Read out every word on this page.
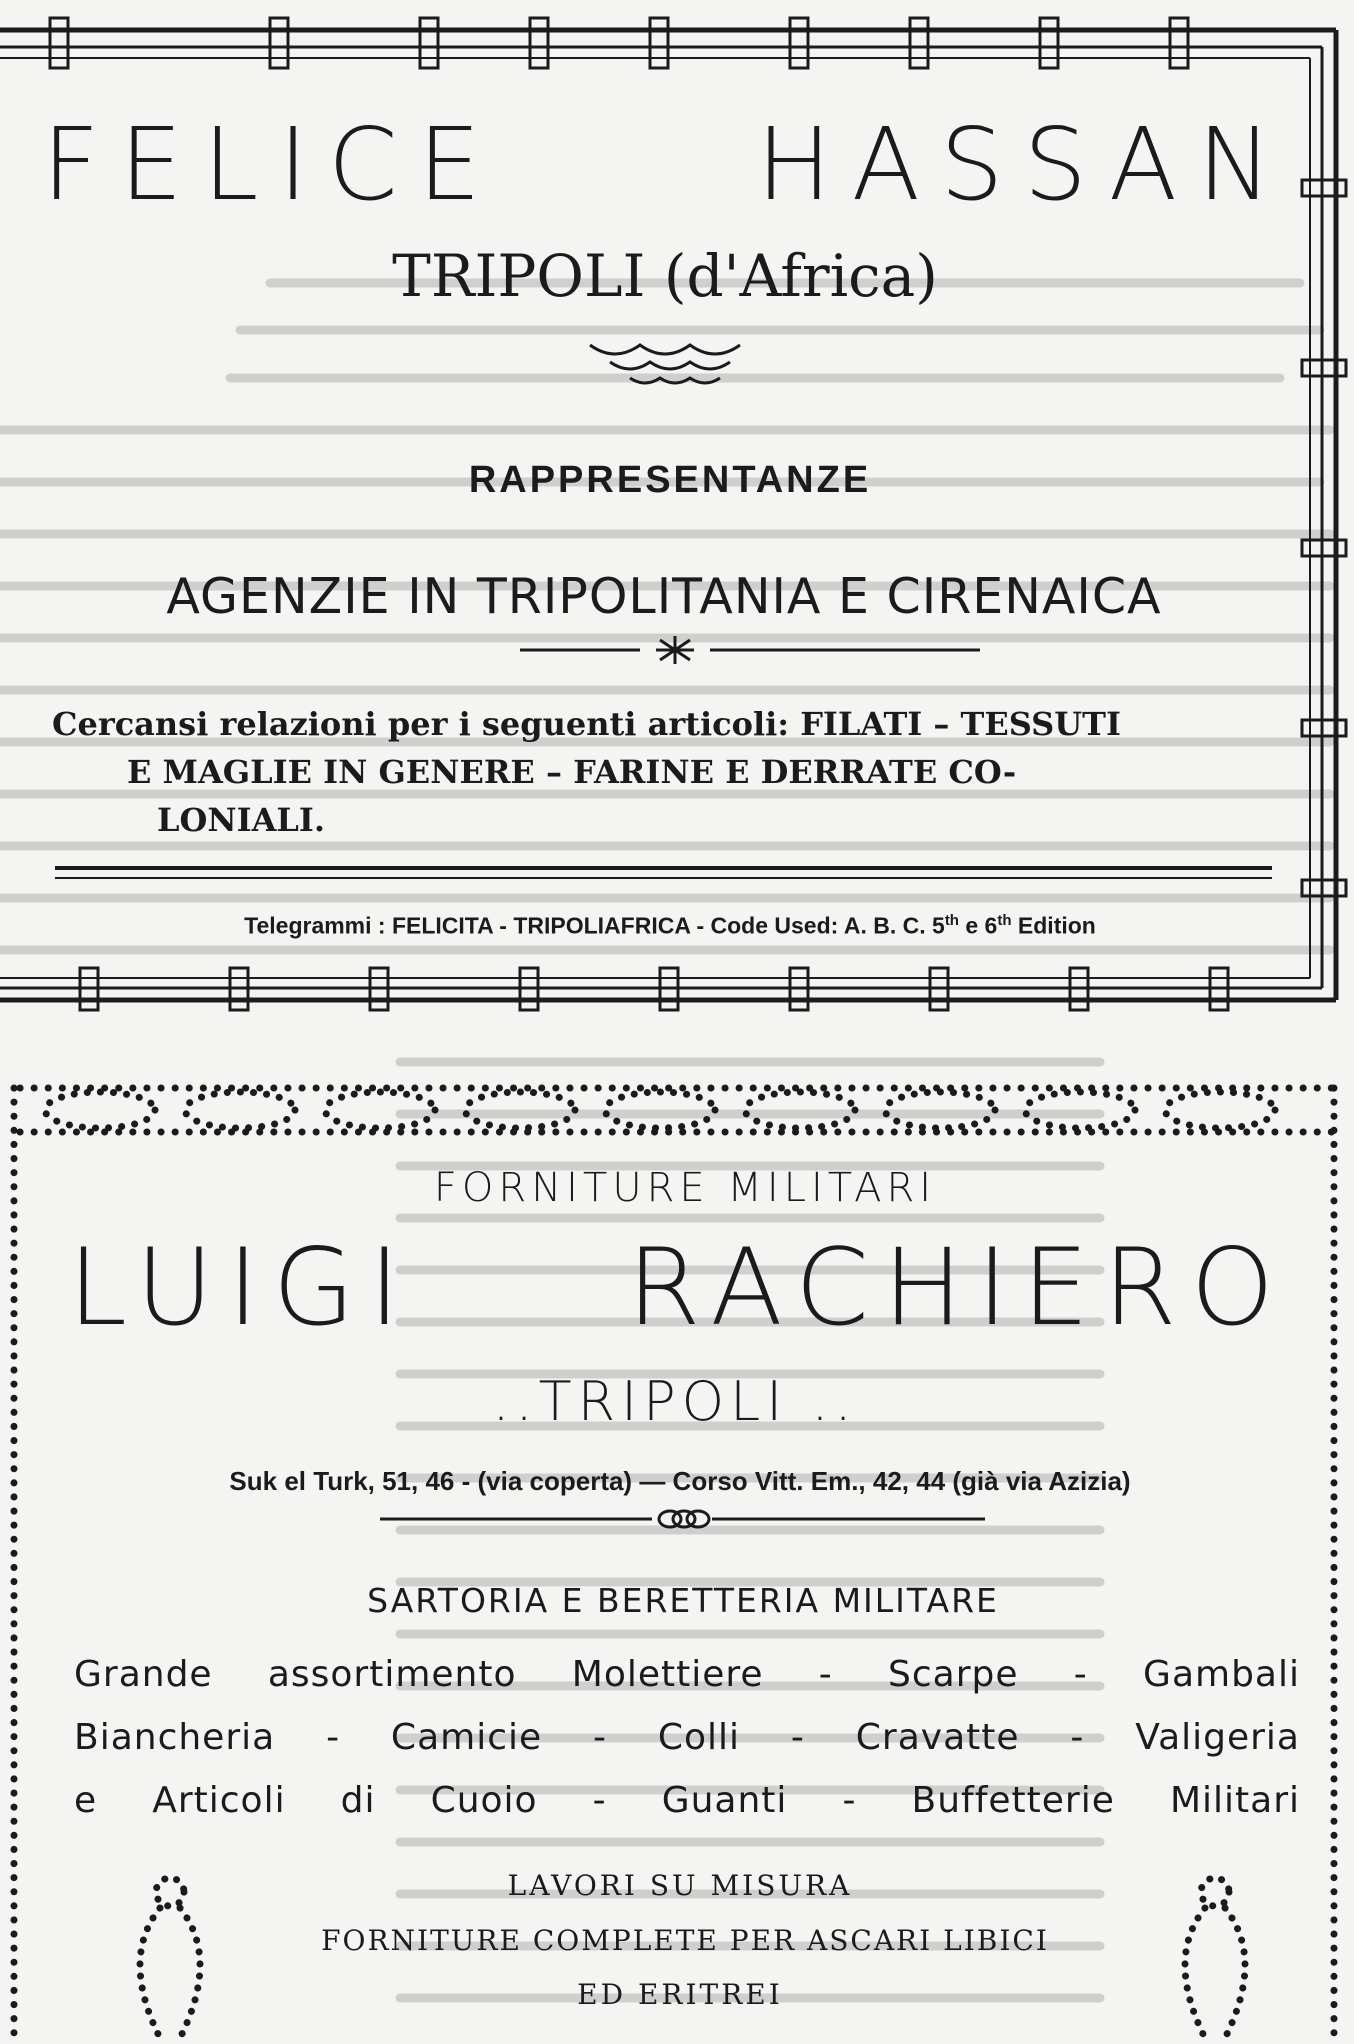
FELICE HASSAN
TRIPOLI (d'Africa)
RAPPRESENTANZE
AGENZIE IN TRIPOLITANIA E CIRENAICA

Cercansi relazioni per i seguenti articoli: FILATI – TESSUTI
E MAGLIE IN GENERE – FARINE E DERRATE CO-
LONIALI.

Telegrammi : FELICITA - TRIPOLIAFRICA - Code Used: A. B. C. 5th e 6th Edition
FORNITURE MILITARI
LUIGI RACHIERO
..TRIPOLI ..
Suk el Turk, 51, 46 - (via coperta) — Corso Vitt. Em., 42, 44 (già via Azizia)
SARTORIA E BERETTERIA MILITARE
Grande assortimento Molettiere - Scarpe - Gambali
Biancheria - Camicie - Colli - Cravatte - Valigeria
e Articoli di Cuoio - Guanti - Buffetterie Militari
LAVORI SU MISURA
FORNITURE COMPLETE PER ASCARI LIBICI
ED ERITREI
